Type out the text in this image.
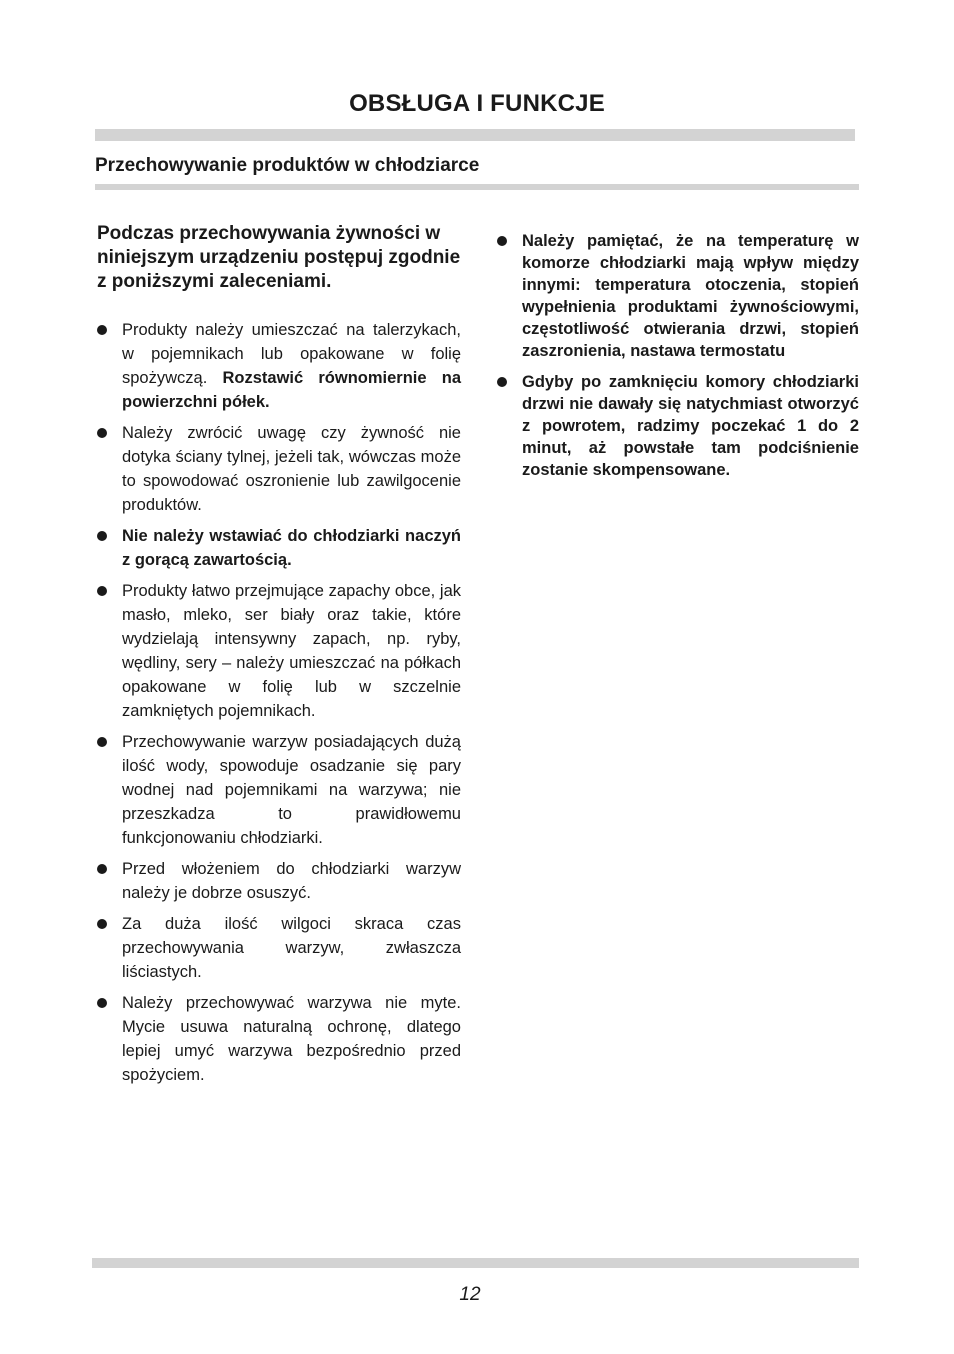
OBSŁUGA I FUNKCJE
Przechowywanie produktów w chłodziarce

Podczas przechowywania żywności w niniejszym urządzeniu postępuj zgodnie z poniższymi zaleceniami.

Produkty należy umieszczać na talerzykach, w pojemnikach lub opakowane w folię spożywczą. Rozstawić równomiernie na powierzchni półek.
Należy zwrócić uwagę czy żywność nie dotyka ściany tylnej, jeżeli tak, wówczas może to spowodować oszronienie lub zawilgocenie produktów.
Nie należy wstawiać do chłodziarki naczyń z gorącą zawartością.
Produkty łatwo przejmujące zapachy obce, jak masło, mleko, ser biały oraz takie, które wydzielają intensywny zapach, np. ryby, wędliny, sery – należy umieszczać na półkach opakowane w folię lub w szczelnie zamkniętych pojemnikach.
Przechowywanie warzyw posiadających dużą ilość wody, spowoduje osadzanie się pary wodnej nad pojemnikami na warzywa; nie przeszkadza to prawidłowemu funkcjonowaniu chłodziarki.
Przed włożeniem do chłodziarki warzyw należy je dobrze osuszyć.
Za duża ilość wilgoci skraca czas przechowywania warzyw, zwłaszcza liściastych.
Należy przechowywać warzywa nie myte. Mycie usuwa naturalną ochronę, dlatego lepiej umyć warzywa bezpośrednio przed spożyciem.
Należy pamiętać, że na temperaturę w komorze chłodziarki mają wpływ między innymi: temperatura otoczenia, stopień wypełnienia produktami żywnościowymi, częstotliwość otwierania drzwi, stopień zaszronienia, nastawa termostatu
Gdyby po zamknięciu komory chłodziarki drzwi nie dawały się natychmiast otworzyć z powrotem, radzimy poczekać 1 do 2 minut, aż powstałe tam podciśnienie zostanie skompensowane.
12
